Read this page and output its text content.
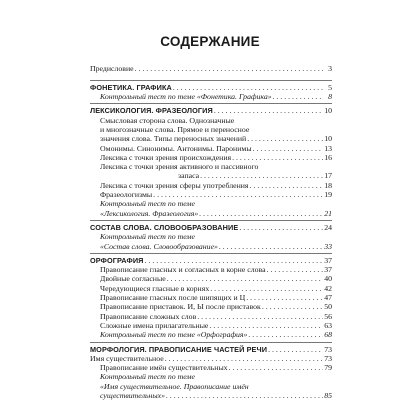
СОДЕРЖАНИЕ
Предисловие . . .	3
ФОНЕТИКА. ГРАФИКА . . .	5
Контрольный тест по теме «Фонетика. Графика» . . .	8
ЛЕКСИКОЛОГИЯ. ФРАЗЕОЛОГИЯ . . .	10
Смысловая сторона слова. Однозначные
и многозначные слова. Прямое и переносное
значения слова. Типы переносных значений . . .	10
Омонимы. Синонимы. Антонимы. Паронимы . . .	13
Лексика с точки зрения происхождения . . .	16
Лексика с точки зрения активного и пассивного
запаса . . .	17
Лексика с точки зрения сферы употребления . . .	18
Фразеологизмы . . .	19
Контрольный тест по теме
«Лексикология. Фразеология» . . .	21
СОСТАВ СЛОВА. СЛОВООБРАЗОВАНИЕ . . .	24
Контрольный тест по теме
«Состав слова. Словообразование» . . .	33
ОРФОГРАФИЯ . . .	37
Правописание гласных и согласных в корне слова . . .	37
Двойные согласные . . .	40
Чередующиеся гласные в корнях . . .	42
Правописание гласных после шипящих и Ц . . .	47
Правописание приставок. И, Ы после приставок . . .	50
Правописание сложных слов . . .	56
Сложные имена прилагательные . . .	63
Контрольный тест по теме «Орфография» . . .	68
МОРФОЛОГИЯ. ПРАВОПИСАНИЕ ЧАСТЕЙ РЕЧИ . . .	73
Имя существительное . . .	73
Правописание имён существительных . . .	79
Контрольный тест по теме
«Имя существительное. Правописание имён
существительных» . . .	85
